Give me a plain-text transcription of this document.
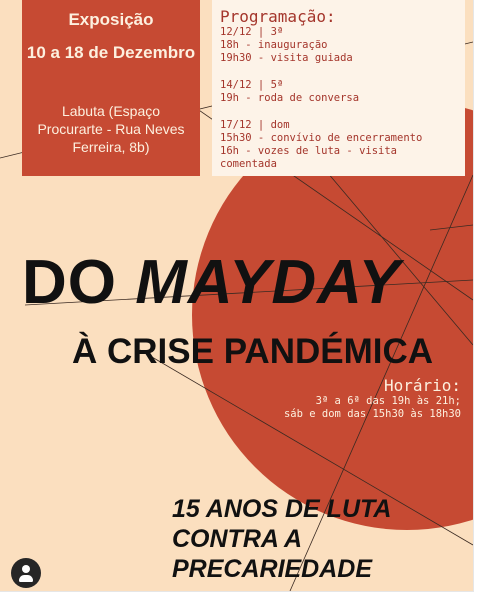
Exposição
10 a 18 de Dezembro
Labuta (Espaço Procurarte - Rua Neves Ferreira, 8b)
Programação:
12/12 | 3ª
18h - inauguração
19h30 - visita guiada
14/12 | 5ª
19h - roda de conversa
17/12 | dom
15h30 - convívio de encerramento
16h - vozes de luta - visita
comentada
DO MAYDAY
À CRISE PANDÉMICA
Horário:
3ª a 6ª das 19h às 21h;
sáb e dom das 15h30 às 18h30
15 ANOS DE LUTA
CONTRA A
PRECARIEDADE
